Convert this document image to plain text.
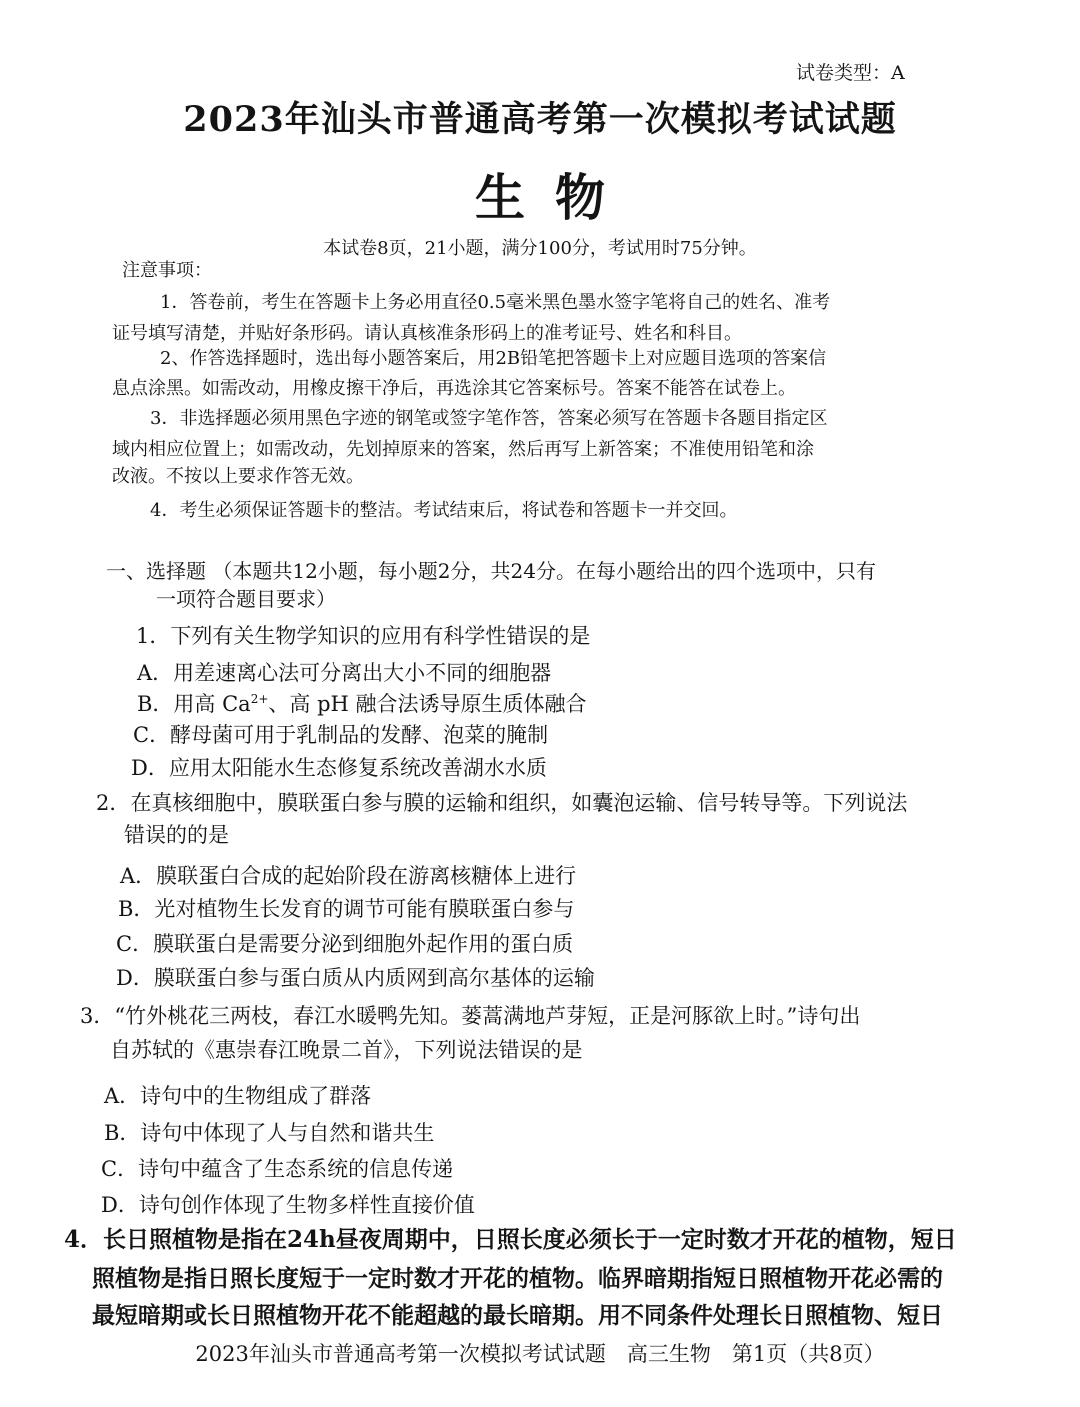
试卷类型：A
2023年汕头市普通高考第一次模拟考试试题
生物
本试卷8页，21小题，满分100分，考试用时75分钟。
注意事项：
1．答卷前，考生在答题卡上务必用直径0.5毫米黑色墨水签字笔将自己的姓名、准考
证号填写清楚，并贴好条形码。请认真核准条形码上的准考证号、姓名和科目。
2、作答选择题时，选出每小题答案后，用2B铅笔把答题卡上对应题目选项的答案信
息点涂黑。如需改动，用橡皮擦干净后，再选涂其它答案标号。答案不能答在试卷上。
3．非选择题必须用黑色字迹的钢笔或签字笔作答，答案必须写在答题卡各题目指定区
域内相应位置上；如需改动，先划掉原来的答案，然后再写上新答案；不准使用铅笔和涂
改液。不按以上要求作答无效。
4．考生必须保证答题卡的整洁。考试结束后，将试卷和答题卡一并交回。
一、选择题 （本题共12小题，每小题2分，共24分。在每小题给出的四个选项中，只有
一项符合题目要求）
1．下列有关生物学知识的应用有科学性错误的是
A．用差速离心法可分离出大小不同的细胞器
B．用高 $Ca^{2+}$、高 pH 融合法诱导原生质体融合
C．酵母菌可用于乳制品的发酵、泡菜的腌制
D．应用太阳能水生态修复系统改善湖水水质
2．在真核细胞中，膜联蛋白参与膜的运输和组织，如囊泡运输、信号转导等。下列说法
错误的的是
A．膜联蛋白合成的起始阶段在游离核糖体上进行
B．光对植物生长发育的调节可能有膜联蛋白参与
C．膜联蛋白是需要分泌到细胞外起作用的蛋白质
D．膜联蛋白参与蛋白质从内质网到高尔基体的运输
3．“竹外桃花三两枝，春江水暖鸭先知。蒌蒿满地芦芽短，正是河豚欲上时。”诗句出
自苏轼的《惠崇春江晚景二首》，下列说法错误的是
A．诗句中的生物组成了群落
B．诗句中体现了人与自然和谐共生
C．诗句中蕴含了生态系统的信息传递
D．诗句创作体现了生物多样性直接价值
4．长日照植物是指在24h昼夜周期中，日照长度必须长于一定时数才开花的植物，短日
照植物是指日照长度短于一定时数才开花的植物。临界暗期指短日照植物开花必需的
最短暗期或长日照植物开花不能超越的最长暗期。用不同条件处理长日照植物、短日
2023年汕头市普通高考第一次模拟考试试题　高三生物　第1页（共8页）
